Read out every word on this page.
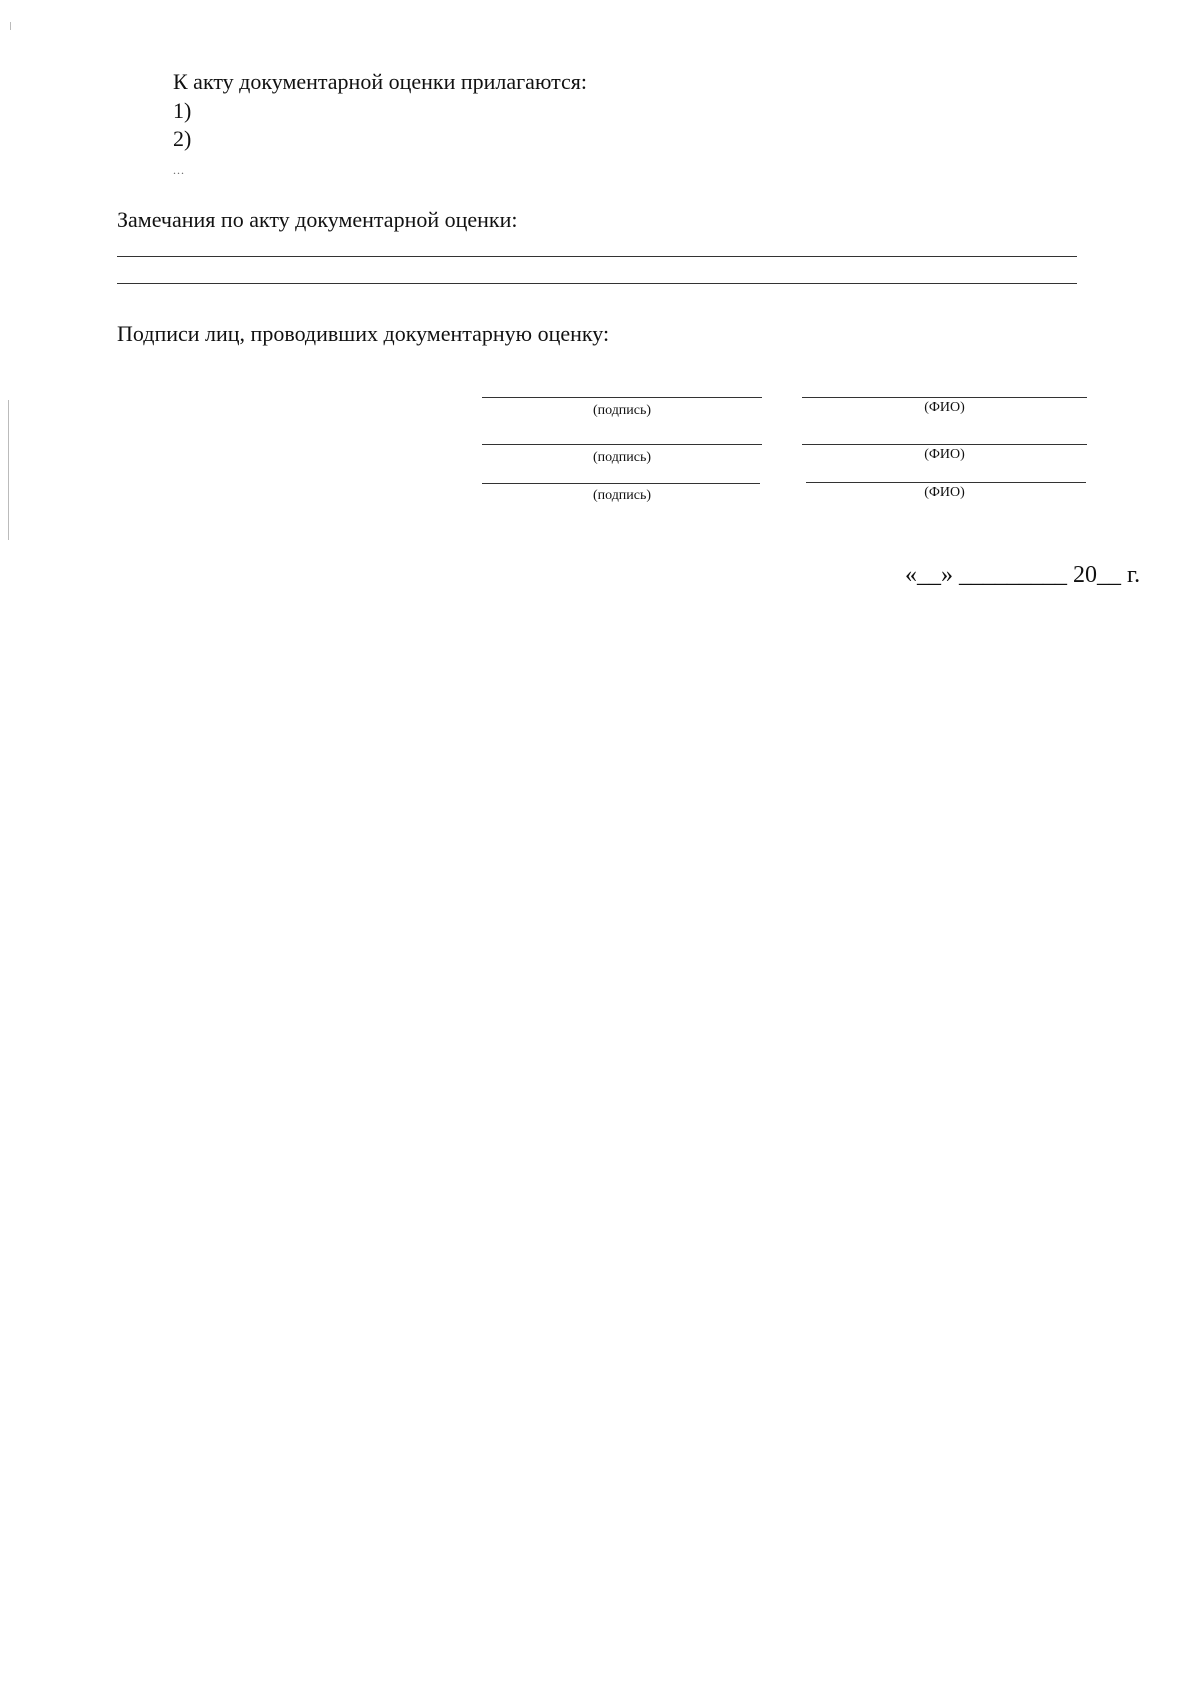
К акту документарной оценки прилагаются:
1)
2)
...
Замечания по акту документарной оценки:
Подписи лиц, проводивших документарную оценку:
(подпись)	(ФИО)
(подпись)	(ФИО)
(подпись)	(ФИО)
«__» _________ 20__ г.
